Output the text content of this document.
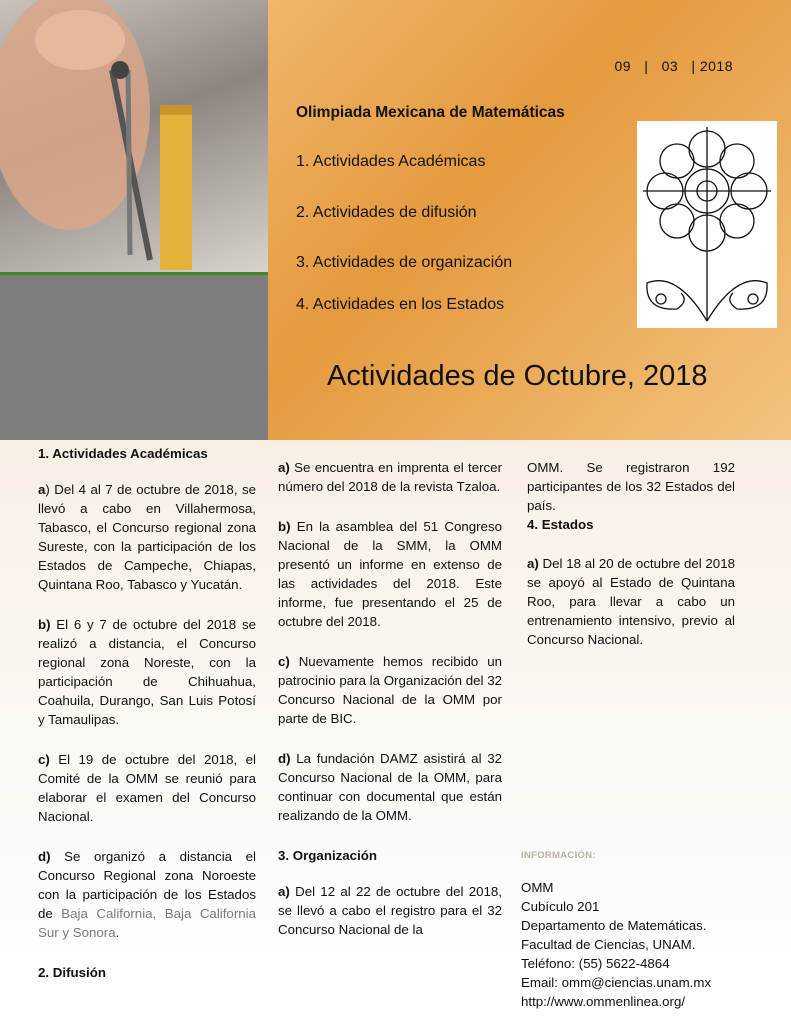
09 | 03 | 2018
Olimpiada Mexicana de Matemáticas
1. Actividades Académicas
2. Actividades de difusión
3. Actividades de organización
4. Actividades en los Estados
Actividades de Octubre, 2018
1. Actividades Académicas

a) Del 4 al 7 de octubre de 2018, se llevó a cabo en Villahermosa, Tabasco, el Concurso regional zona Sureste, con la participación de los Estados de Campeche, Chiapas, Quintana Roo, Tabasco y Yucatán.

b) El 6 y 7 de octubre del 2018 se realizó a distancia, el Concurso regional zona Noreste, con la participación de Chihuahua, Coahuila, Durango, San Luis Potosí y Tamaulipas.

c) El 19 de octubre del 2018, el Comité de la OMM se reunió para elaborar el examen del Concurso Nacional.

d) Se organizó a distancia el Concurso Regional zona Noroeste con la participación de los Estados de Baja California, Baja California Sur y Sonora.

2. Difusión

a) Se encuentra en imprenta el tercer número del 2018 de la revista Tzaloa.

b) En la asamblea del 51 Congreso Nacional de la SMM, la OMM presentó un informe en extenso de las actividades del 2018. Este informe, fue presentando el 25 de octubre del 2018.

c) Nuevamente hemos recibido un patrocinio para la Organización del 32 Concurso Nacional de la OMM por parte de BIC.

d) La fundación DAMZ asistirá al 32 Concurso Nacional de la OMM, para continuar con documental que están realizando de la OMM.

3. Organización

a) Del 12 al 22 de octubre del 2018, se llevó a cabo el registro para el 32 Concurso Nacional de la

OMM. Se registraron 192 participantes de los 32 Estados del país.

4. Estados

a) Del 18 al 20 de octubre del 2018 se apoyó al Estado de Quintana Roo, para llevar a cabo un entrenamiento intensivo, previo al Concurso Nacional.

INFORMACIÓN:
OMM
Cubículo 201
Departamento de Matemáticas.
Facultad de Ciencias, UNAM.
Teléfono: (55) 5622-4864
Email: omm@ciencias.unam.mx
http://www.ommenlinea.org/
